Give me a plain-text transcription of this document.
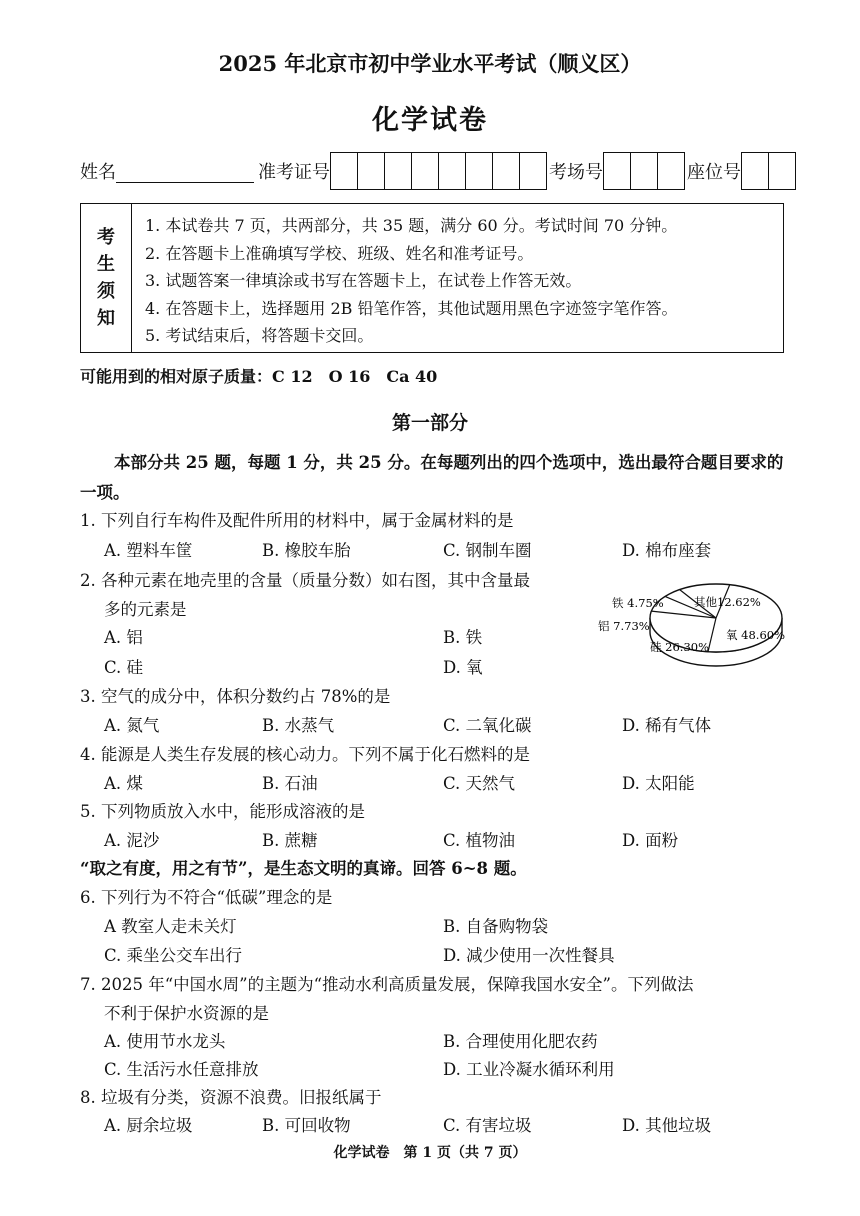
2025 年北京市初中学业水平考试（顺义区）
化学试卷
姓名	准考证号	考场号	座位号
考
生
须
知
1. 本试卷共 7 页，共两部分，共 35 题，满分 60 分。考试时间 70 分钟。
2. 在答题卡上准确填写学校、班级、姓名和准考证号。
3. 试题答案一律填涂或书写在答题卡上，在试卷上作答无效。
4. 在答题卡上，选择题用 2B 铅笔作答，其他试题用黑色字迹签字笔作答。
5. 考试结束后，将答题卡交回。
可能用到的相对原子质量：C 12　O 16　Ca 40
第一部分
本部分共 25 题，每题 1 分，共 25 分。在每题列出的四个选项中，选出最符合题目要求的一项。
1. 下列自行车构件及配件所用的材料中，属于金属材料的是
A. 塑料车筐	B. 橡胶车胎	C. 钢制车圈	D. 棉布座套
2. 各种元素在地壳里的含量（质量分数）如右图，其中含量最
多的元素是
A. 铝	B. 铁
C. 硅	D. 氧
其他12.62%
铁 4.75%
铝 7.73%
硅 26.30%
氧 48.60%
3. 空气的成分中，体积分数约占 78%的是
A. 氮气	B. 水蒸气	C. 二氧化碳	D. 稀有气体
4. 能源是人类生存发展的核心动力。下列不属于化石燃料的是
A. 煤	B. 石油	C. 天然气	D. 太阳能
5. 下列物质放入水中，能形成溶液的是
A. 泥沙	B. 蔗糖	C. 植物油	D. 面粉
“取之有度，用之有节”，是生态文明的真谛。回答 6~8 题。
6. 下列行为不符合“低碳”理念的是
A 教室人走未关灯	B. 自备购物袋
C. 乘坐公交车出行	D. 减少使用一次性餐具
7. 2025 年“中国水周”的主题为“推动水利高质量发展，保障我国水安全”。下列做法
不利于保护水资源的是
A. 使用节水龙头	B. 合理使用化肥农药
C. 生活污水任意排放	D. 工业冷凝水循环利用
8. 垃圾有分类，资源不浪费。旧报纸属于
A. 厨余垃圾	B. 可回收物	C. 有害垃圾	D. 其他垃圾
化学试卷　第 1 页（共 7 页）
